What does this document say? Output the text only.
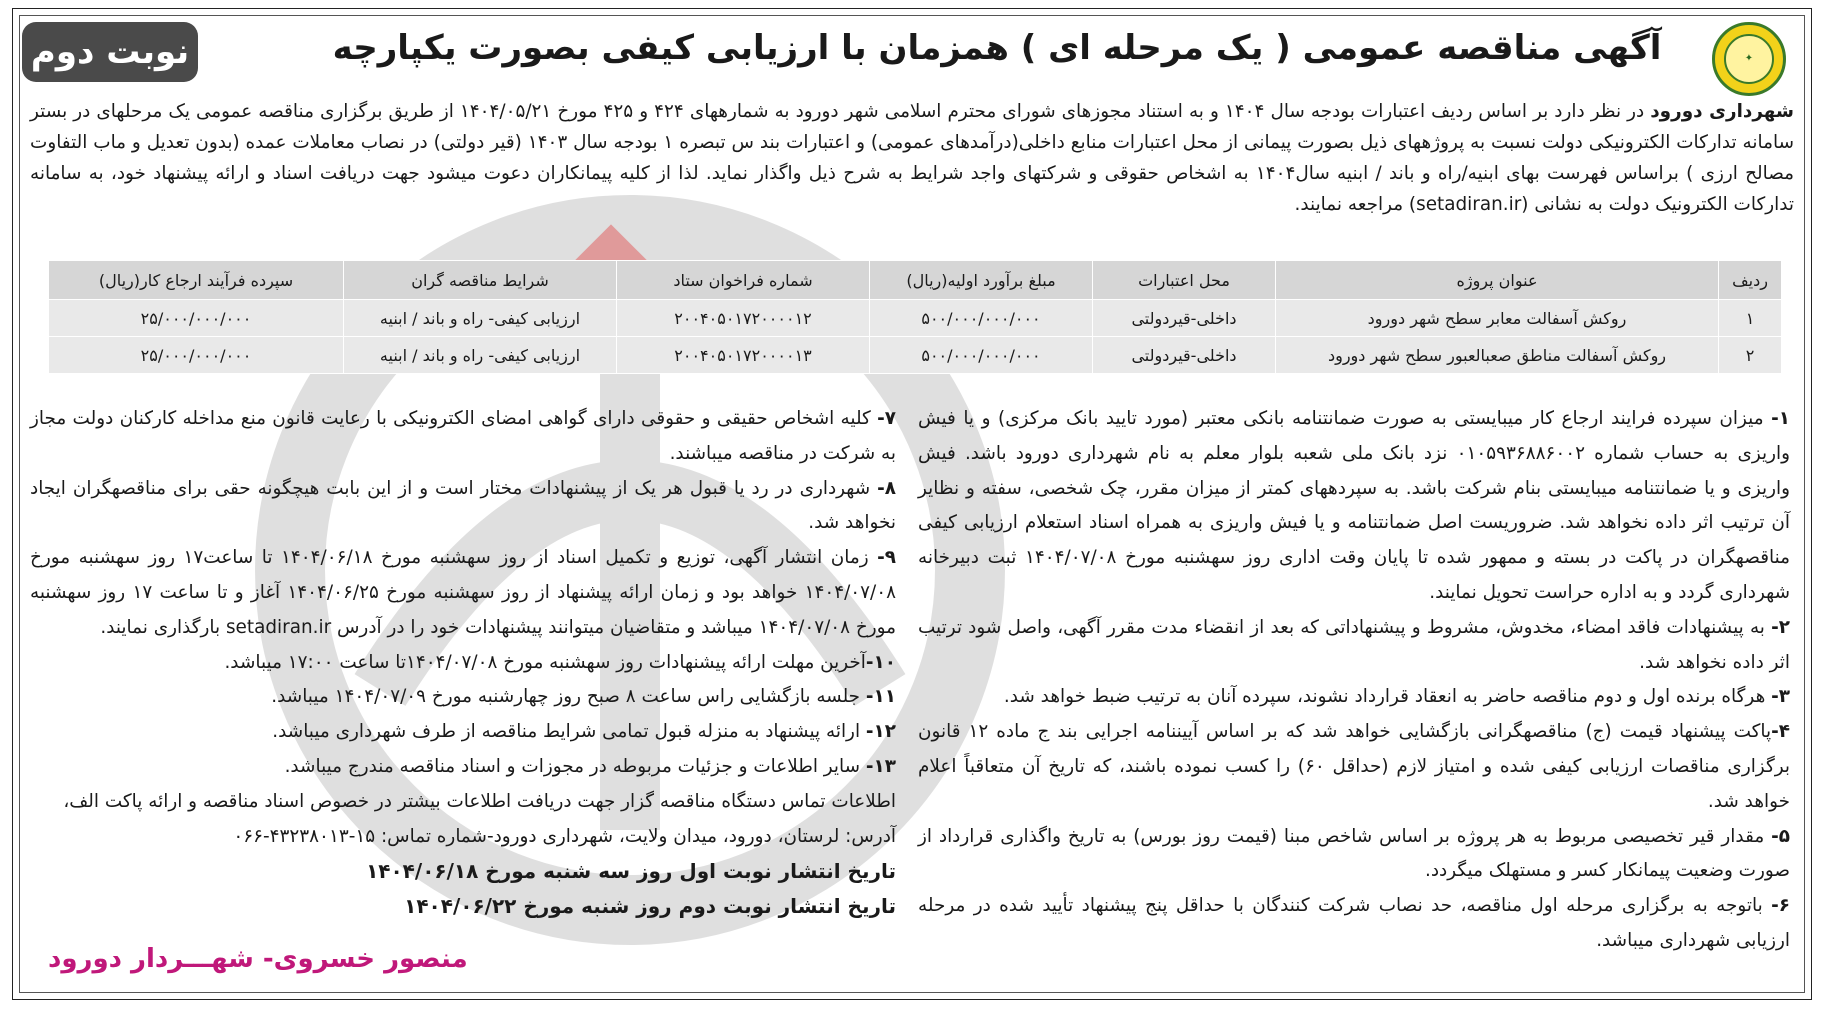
✦
آگهی مناقصه عمومی ( یک مرحله ای ) همزمان با ارزیابی کیفی بصورت یکپارچه
نوبت دوم
شهرداری دورود در نظر دارد بر اساس ردیف اعتبارات بودجه سال ۱۴۰۴ و به استناد مجوزهای شورای محترم اسلامی شهر دورود به شمارههای ۴۲۴ و ۴۲۵ مورخ ۱۴۰۴/۰۵/۲۱ از طریق برگزاری مناقصه عمومی یک مرحلهای در بستر سامانه تدارکات الکترونیکی دولت نسبت به پروژههای ذیل بصورت پیمانی از محل اعتبارات منابع داخلی(درآمدهای عمومی) و اعتبارات بند س تبصره ۱ بودجه سال ۱۴۰۳ (قیر دولتی) در نصاب معاملات عمده (بدون تعدیل و ماب التفاوت مصالح ارزی ) براساس فهرست بهای ابنیه/راه و باند / ابنیه سال۱۴۰۴ به اشخاص حقوقی و شرکتهای واجد شرایط به شرح ذیل واگذار نماید. لذا از کلیه پیمانکاران دعوت میشود جهت دریافت اسناد و ارائه پیشنهاد خود، به سامانه تدارکات الکترونیک دولت به نشانی (setadiran.ir) مراجعه نمایند.
ردیف	عنوان پروژه	محل اعتبارات	مبلغ برآورد اولیه(ریال)	شماره فراخوان ستاد	شرایط مناقصه گران	سپرده فرآیند ارجاع کار(ریال)
۱	روکش آسفالت معابر سطح شهر دورود	داخلی-قیردولتی	۵۰۰/۰۰۰/۰۰۰/۰۰۰	۲۰۰۴۰۵۰۱۷۲۰۰۰۰۱۲	ارزیابی کیفی- راه و باند / ابنیه	۲۵/۰۰۰/۰۰۰/۰۰۰
۲	روکش آسفالت مناطق صعبالعبور سطح شهر دورود	داخلی-قیردولتی	۵۰۰/۰۰۰/۰۰۰/۰۰۰	۲۰۰۴۰۵۰۱۷۲۰۰۰۰۱۳	ارزیابی کیفی- راه و باند / ابنیه	۲۵/۰۰۰/۰۰۰/۰۰۰

۱- میزان سپرده فرایند ارجاع کار میبایستی به صورت ضمانتنامه بانکی معتبر (مورد تایید بانک مرکزی) و یا فیش واریزی به حساب شماره ۰۱۰۵۹۳۶۸۸۶۰۰۲ نزد بانک ملی شعبه بلوار معلم به نام شهرداری دورود باشد. فیش واریزی و یا ضمانتنامه میبایستی بنام شرکت باشد. به سپردههای کمتر از میزان مقرر، چک شخصی، سفته و نظایر آن ترتیب اثر داده نخواهد شد. ضروریست اصل ضمانتنامه و یا فیش واریزی به همراه اسناد استعلام ارزیابی کیفی مناقصهگران در پاکت در بسته و ممهور شده تا پایان وقت اداری روز سهشنبه مورخ ۱۴۰۴/۰۷/۰۸ ثبت دبیرخانه شهرداری گردد و به اداره حراست تحویل نمایند.

۲- به پیشنهادات فاقد امضاء، مخدوش، مشروط و پیشنهاداتی که بعد از انقضاء مدت مقرر آگهی، واصل شود ترتیب اثر داده نخواهد شد.

۳- هرگاه برنده اول و دوم مناقصه حاضر به انعقاد قرارداد نشوند، سپرده آنان به ترتیب ضبط خواهد شد.

۴-پاکت پیشنهاد قیمت (ج) مناقصهگرانی بازگشایی خواهد شد که بر اساس آییننامه اجرایی بند ج ماده ۱۲ قانون برگزاری مناقصات ارزیابی کیفی شده و امتیاز لازم (حداقل ۶۰) را کسب نموده باشند، که تاریخ آن متعاقباً اعلام خواهد شد.

۵- مقدار قیر تخصیصی مربوط به هر پروژه بر اساس شاخص مبنا (قیمت روز بورس) به تاریخ واگذاری قرارداد از صورت وضعیت پیمانکار کسر و مستهلک میگردد.

۶- باتوجه به برگزاری مرحله اول مناقصه، حد نصاب شرکت کنندگان با حداقل پنج پیشنهاد تأیید شده در مرحله ارزیابی شهرداری میباشد.

۷- کلیه اشخاص حقیقی و حقوقی دارای گواهی امضای الکترونیکی با رعایت قانون منع مداخله کارکنان دولت مجاز به شرکت در مناقصه میباشند.

۸- شهرداری در رد یا قبول هر یک از پیشنهادات مختار است و از این بابت هیچگونه حقی برای مناقصهگران ایجاد نخواهد شد.

۹- زمان انتشار آگهی، توزیع و تکمیل اسناد از روز سهشنبه مورخ ۱۴۰۴/۰۶/۱۸ تا ساعت۱۷ روز سهشنبه مورخ ۱۴۰۴/۰۷/۰۸ خواهد بود و زمان ارائه پیشنهاد از روز سهشنبه مورخ ۱۴۰۴/۰۶/۲۵ آغاز و تا ساعت ۱۷ روز سهشنبه مورخ ۱۴۰۴/۰۷/۰۸ میباشد و متقاضیان میتوانند پیشنهادات خود را در آدرس setadiran.ir بارگذاری نمایند.

۱۰-آخرین مهلت ارائه پیشنهادات روز سهشنبه مورخ ۱۴۰۴/۰۷/۰۸تا ساعت ۱۷:۰۰ میباشد.

۱۱- جلسه بازگشایی راس ساعت ۸ صبح روز چهارشنبه مورخ ۱۴۰۴/۰۷/۰۹ میباشد.

۱۲- ارائه پیشنهاد به منزله قبول تمامی شرایط مناقصه از طرف شهرداری میباشد.

۱۳- سایر اطلاعات و جزئیات مربوطه در مجوزات و اسناد مناقصه مندرج میباشد.

اطلاعات تماس دستگاه مناقصه گزار جهت دریافت اطلاعات بیشتر در خصوص اسناد مناقصه و ارائه پاکت الف،

آدرس: لرستان، دورود، میدان ولایت، شهرداری دورود-شماره تماس: ۱۵-۴۳۲۳۸۰۱۳-۰۶۶

تاریخ انتشار نوبت اول روز سه شنبه مورخ ۱۴۰۴/۰۶/۱۸

تاریخ انتشار نوبت دوم روز شنبه مورخ ۱۴۰۴/۰۶/۲۲

منصور خسروی- شهـــردار دورود
